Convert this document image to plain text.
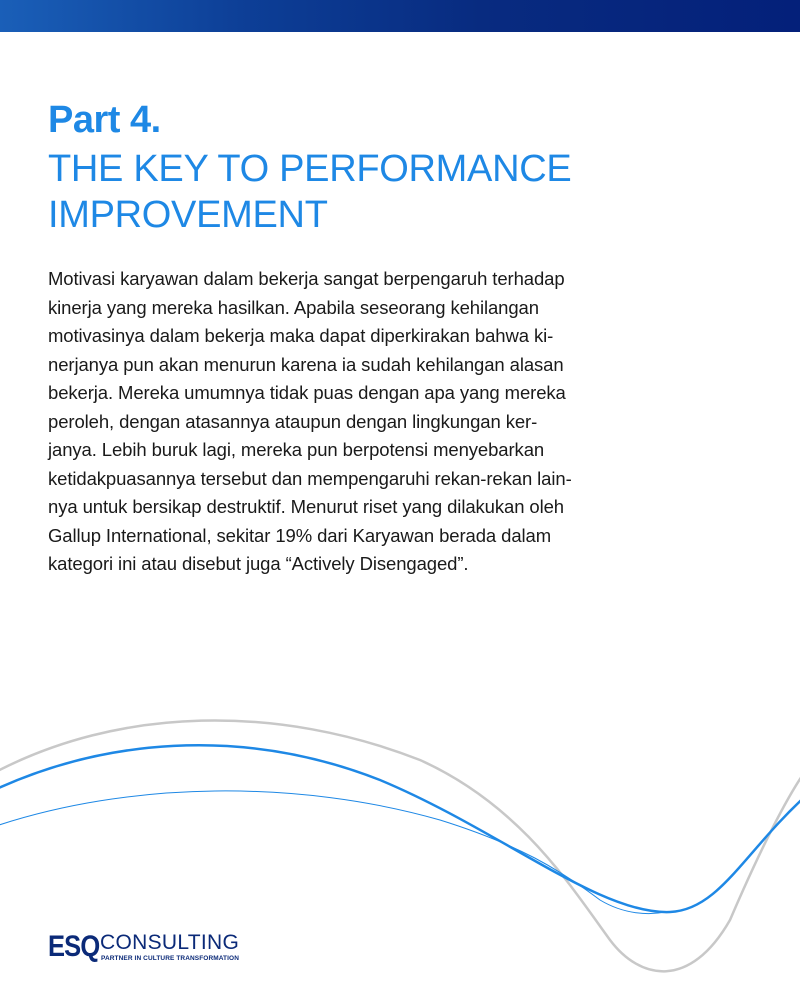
Part 4.
THE KEY TO PERFORMANCE
IMPROVEMENT

Motivasi karyawan dalam bekerja sangat berpengaruh terhadap
kinerja yang mereka hasilkan. Apabila seseorang kehilangan
motivasinya dalam bekerja maka dapat diperkirakan bahwa ki-
nerjanya pun akan menurun karena ia sudah kehilangan alasan
bekerja. Mereka umumnya tidak puas dengan apa yang mereka
peroleh, dengan atasannya ataupun dengan lingkungan ker-
janya. Lebih buruk lagi, mereka pun berpotensi menyebarkan
ketidakpuasannya tersebut dan mempengaruhi rekan-rekan lain-
nya untuk bersikap destruktif. Menurut riset yang dilakukan oleh
Gallup International, sekitar 19% dari Karyawan berada dalam
kategori ini atau disebut juga “Actively Disengaged”.

ESQ CONSULTING
PARTNER IN CULTURE TRANSFORMATION
